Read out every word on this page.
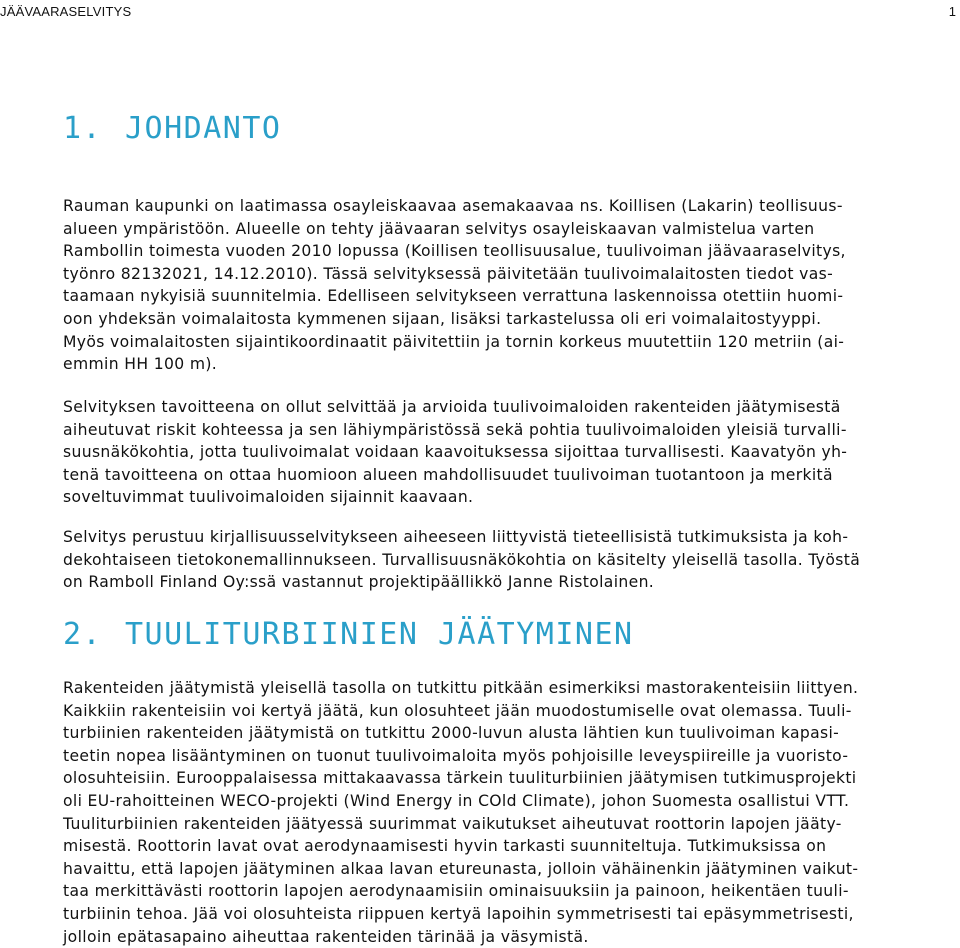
JÄÄVAARASELVITYS	1
1. JOHDANTO

Rauman kaupunki on laatimassa osayleiskaavaa asemakaavaa ns. Koillisen (Lakarin) teollisuus-
alueen ympäristöön. Alueelle on tehty jäävaaran selvitys osayleiskaavan valmistelua varten
Rambollin toimesta vuoden 2010 lopussa (Koillisen teollisuusalue, tuulivoiman jäävaaraselvitys,
työnro 82132021, 14.12.2010). Tässä selvityksessä päivitetään tuulivoimalaitosten tiedot vas-
taamaan nykyisiä suunnitelmia. Edelliseen selvitykseen verrattuna laskennoissa otettiin huomi-
oon yhdeksän voimalaitosta kymmenen sijaan, lisäksi tarkastelussa oli eri voimalaitostyyppi.
Myös voimalaitosten sijaintikoordinaatit päivitettiin ja tornin korkeus muutettiin 120 metriin (ai-
emmin HH 100 m).

Selvityksen tavoitteena on ollut selvittää ja arvioida tuulivoimaloiden rakenteiden jäätymisestä
aiheutuvat riskit kohteessa ja sen lähiympäristössä sekä pohtia tuulivoimaloiden yleisiä turvalli-
suusnäkökohtia, jotta tuulivoimalat voidaan kaavoituksessa sijoittaa turvallisesti. Kaavatyön yh-
tenä tavoitteena on ottaa huomioon alueen mahdollisuudet tuulivoiman tuotantoon ja merkitä
soveltuvimmat tuulivoimaloiden sijainnit kaavaan.

Selvitys perustuu kirjallisuusselvitykseen aiheeseen liittyvistä tieteellisistä tutkimuksista ja koh-
dekohtaiseen tietokonemallinnukseen. Turvallisuusnäkökohtia on käsitelty yleisellä tasolla. Työstä
on Ramboll Finland Oy:ssä vastannut projektipäällikkö Janne Ristolainen.

2. TUULITURBIINIEN JÄÄTYMINEN

Rakenteiden jäätymistä yleisellä tasolla on tutkittu pitkään esimerkiksi mastorakenteisiin liittyen.
Kaikkiin rakenteisiin voi kertyä jäätä, kun olosuhteet jään muodostumiselle ovat olemassa. Tuuli-
turbiinien rakenteiden jäätymistä on tutkittu 2000-luvun alusta lähtien kun tuulivoiman kapasi-
teetin nopea lisääntyminen on tuonut tuulivoimaloita myös pohjoisille leveyspiireille ja vuoristo-
olosuhteisiin. Eurooppalaisessa mittakaavassa tärkein tuuliturbiinien jäätymisen tutkimusprojekti
oli EU-rahoitteinen WECO-projekti (Wind Energy in COld Climate), johon Suomesta osallistui VTT.
Tuuliturbiinien rakenteiden jäätyessä suurimmat vaikutukset aiheutuvat roottorin lapojen jääty-
misestä. Roottorin lavat ovat aerodynaamisesti hyvin tarkasti suunniteltuja. Tutkimuksissa on
havaittu, että lapojen jäätyminen alkaa lavan etureunasta, jolloin vähäinenkin jäätyminen vaikut-
taa merkittävästi roottorin lapojen aerodynaamisiin ominaisuuksiin ja painoon, heikentäen tuuli-
turbiinin tehoa. Jää voi olosuhteista riippuen kertyä lapoihin symmetrisesti tai epäsymmetrisesti,
jolloin epätasapaino aiheuttaa rakenteiden tärinää ja väsymistä.
